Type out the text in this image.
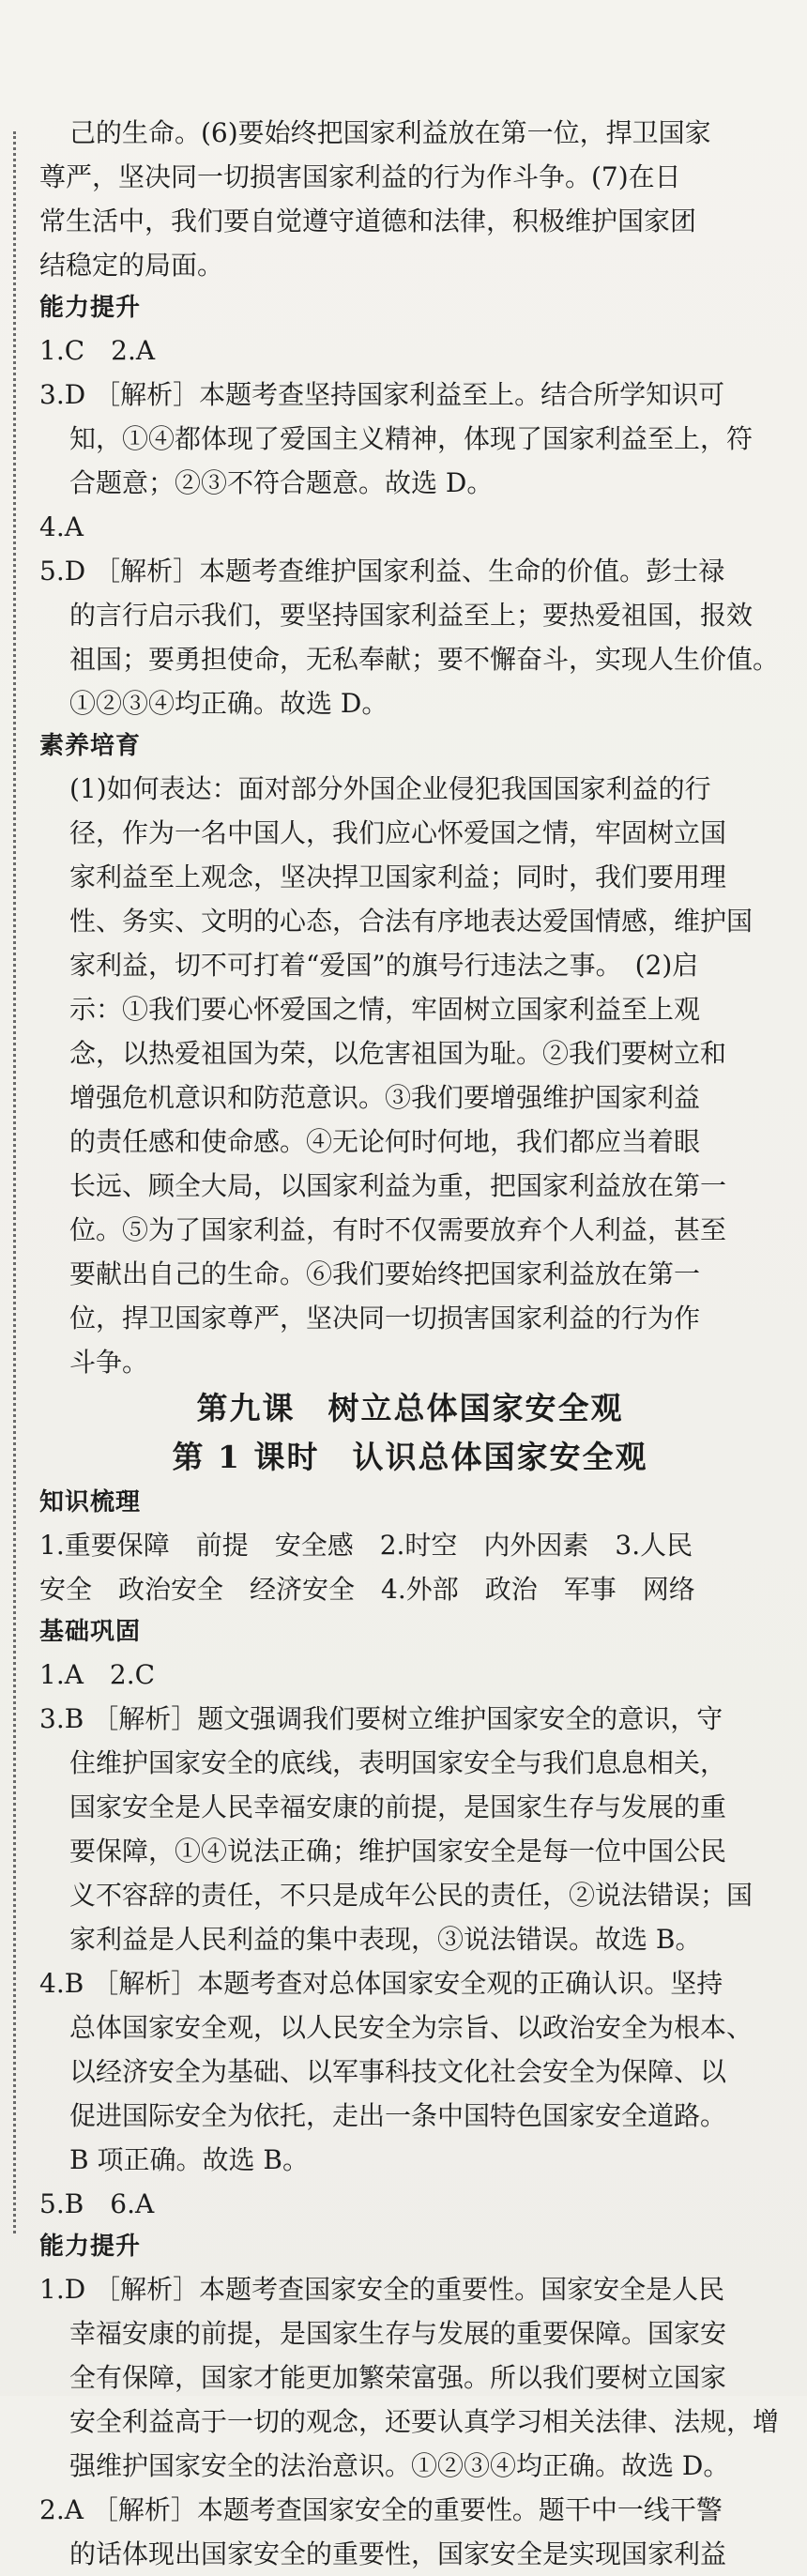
己的生命。(6)要始终把国家利益放在第一位，捍卫国家
尊严，坚决同一切损害国家利益的行为作斗争。(7)在日
常生活中，我们要自觉遵守道德和法律，积极维护国家团
结稳定的局面。
能力提升
1.C　2.A
3.D ［解析］本题考查坚持国家利益至上。结合所学知识可
知，①④都体现了爱国主义精神，体现了国家利益至上，符
合题意；②③不符合题意。故选 D。
4.A
5.D ［解析］本题考查维护国家利益、生命的价值。彭士禄
的言行启示我们，要坚持国家利益至上；要热爱祖国，报效
祖国；要勇担使命，无私奉献；要不懈奋斗，实现人生价值。
①②③④均正确。故选 D。
素养培育
(1)如何表达：面对部分外国企业侵犯我国国家利益的行
径，作为一名中国人，我们应心怀爱国之情，牢固树立国
家利益至上观念，坚决捍卫国家利益；同时，我们要用理
性、务实、文明的心态，合法有序地表达爱国情感，维护国
家利益，切不可打着“爱国”的旗号行违法之事。　(2)启
示：①我们要心怀爱国之情，牢固树立国家利益至上观
念，以热爱祖国为荣，以危害祖国为耻。②我们要树立和
增强危机意识和防范意识。③我们要增强维护国家利益
的责任感和使命感。④无论何时何地，我们都应当着眼
长远、顾全大局，以国家利益为重，把国家利益放在第一
位。⑤为了国家利益，有时不仅需要放弃个人利益，甚至
要献出自己的生命。⑥我们要始终把国家利益放在第一
位，捍卫国家尊严，坚决同一切损害国家利益的行为作
斗争。
第九课　树立总体国家安全观
第 1 课时　认识总体国家安全观
知识梳理
1.重要保障　前提　安全感　2.时空　内外因素　3.人民
安全　政治安全　经济安全　4.外部　政治　军事　网络
基础巩固
1.A　2.C
3.B ［解析］题文强调我们要树立维护国家安全的意识，守
住维护国家安全的底线，表明国家安全与我们息息相关，
国家安全是人民幸福安康的前提，是国家生存与发展的重
要保障，①④说法正确；维护国家安全是每一位中国公民
义不容辞的责任，不只是成年公民的责任，②说法错误；国
家利益是人民利益的集中表现，③说法错误。故选 B。
4.B ［解析］本题考查对总体国家安全观的正确认识。坚持
总体国家安全观，以人民安全为宗旨、以政治安全为根本、
以经济安全为基础、以军事科技文化社会安全为保障、以
促进国际安全为依托，走出一条中国特色国家安全道路。
B 项正确。故选 B。
5.B　6.A
能力提升
1.D ［解析］本题考查国家安全的重要性。国家安全是人民
幸福安康的前提，是国家生存与发展的重要保障。国家安
全有保障，国家才能更加繁荣富强。所以我们要树立国家
安全利益高于一切的观念，还要认真学习相关法律、法规，增
强维护国家安全的法治意识。①②③④均正确。故选 D。
2.A ［解析］本题考查国家安全的重要性。题干中一线干警
的话体现出国家安全的重要性，国家安全是实现国家利益
